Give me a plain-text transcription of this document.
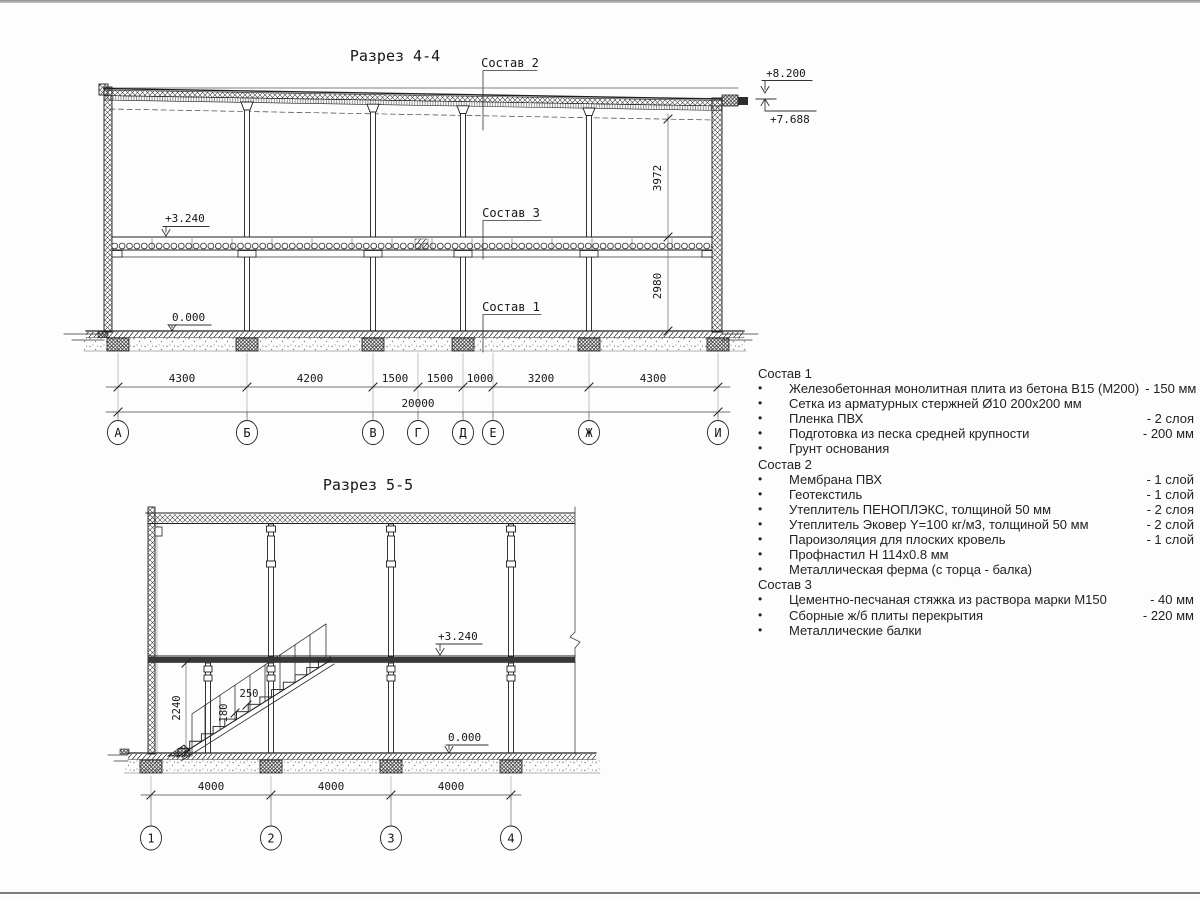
Разрез 4-4	Состав 2
+3.240
0.000
Состав 3
Состав 1
3972
2980
+8.200
+7.688
4300	4200	1500 1500 1000	3200	4300
20000
А	Б	В	Г	Д Е	Ж	И
Разрез 5-5
2240
250
180
+3.240
0.000
4000	4000	4000
1	2	3	4
Состав 1
•	Железобетонная монолитная плита из бетона В15 (М200) - 150 мм
•	Сетка из арматурных стержней Ø10 200x200 мм
•	Пленка ПВХ	- 2 слоя
•	Подготовка из песка средней крупности	- 200 мм
•	Грунт основания
Состав 2
•	Мембрана ПВХ	- 1 слой
•	Геотекстиль	- 1 слой
•	Утеплитель ПЕНОПЛЭКС, толщиной 50 мм	- 2 слоя
•	Утеплитель Эковер Y=100 кг/м3, толщиной 50 мм	- 2 слой
•	Пароизоляция для плоских кровель	- 1 слой
•	Профнастил Н 114x0.8 мм
•	Металлическая ферма (с торца - балка)
Состав 3
•	Цементно-песчаная стяжка из раствора марки М150	- 40 мм
•	Сборные ж/б плиты перекрытия	- 220 мм
•	Металлические балки
